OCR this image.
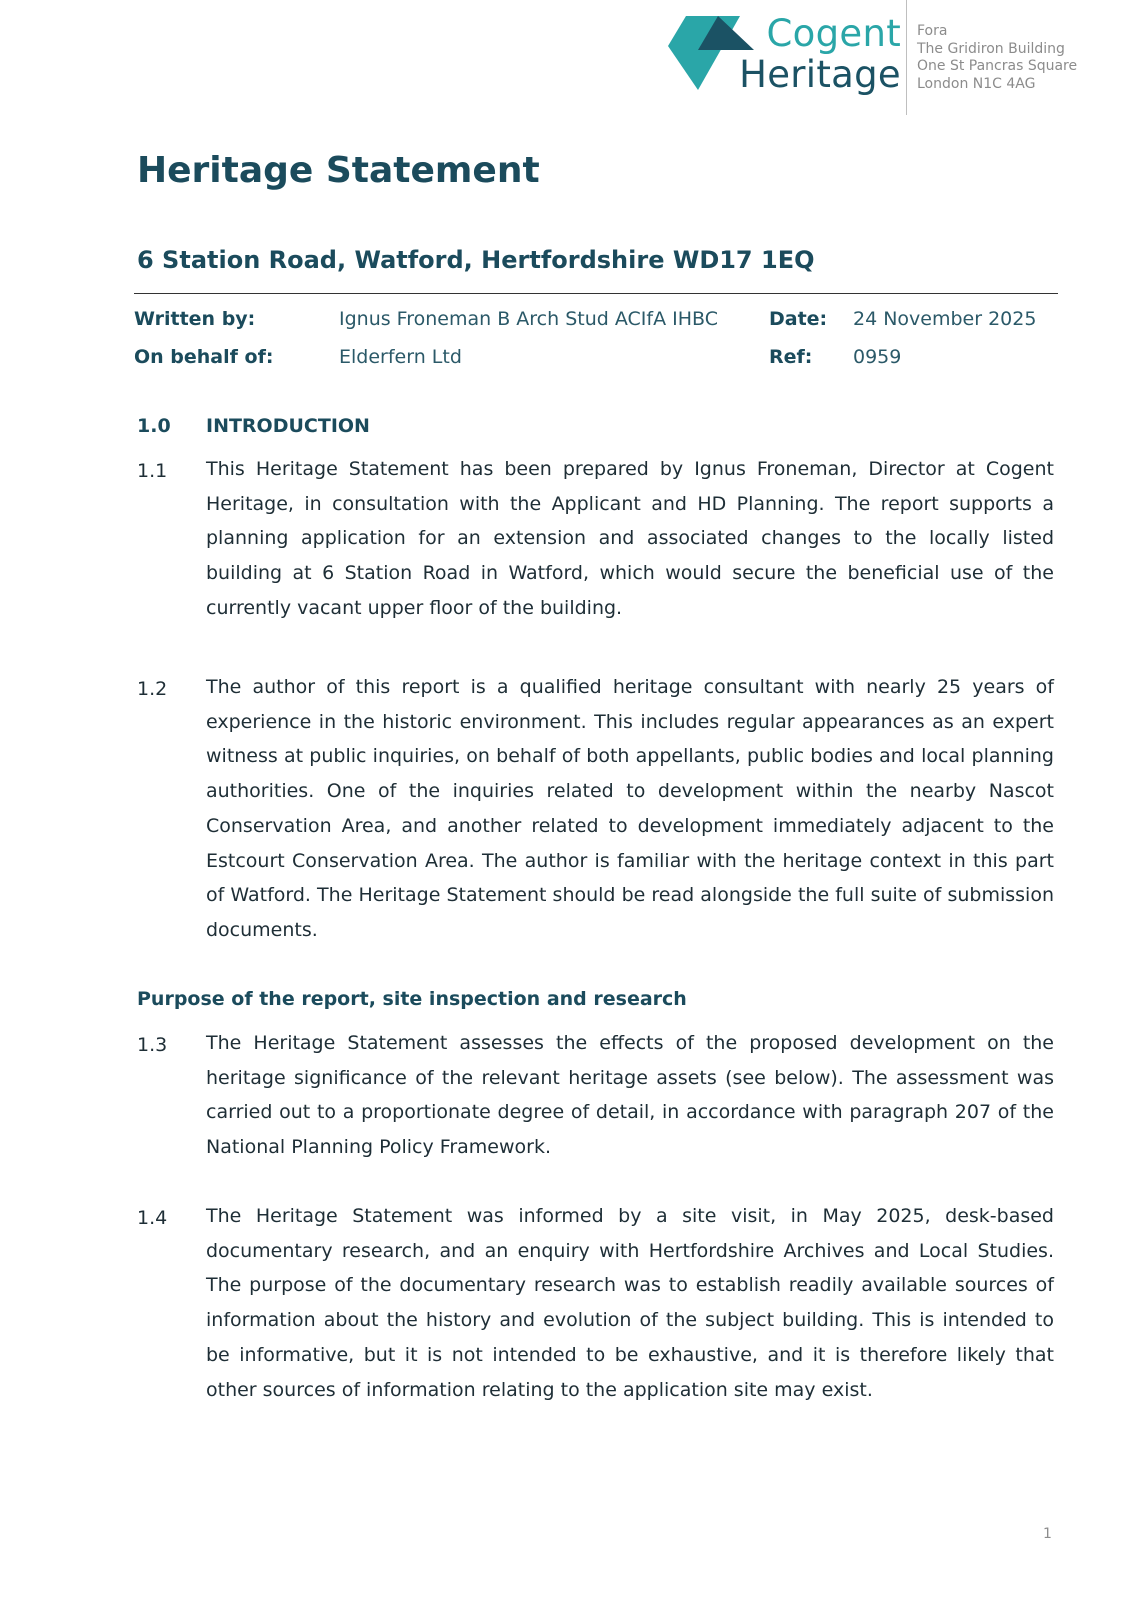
Cogent
Heritage
Fora
The Gridiron Building
One St Pancras Square
London N1C 4AG
Heritage Statement
6 Station Road, Watford, Hertfordshire WD17 1EQ
Written by:	Ignus Froneman B Arch Stud ACIfA IHBC	Date: 24 November 2025
On behalf of:	Elderfern Ltd	Ref: 0959
1.0 INTRODUCTION
1.1 This Heritage Statement has been prepared by Ignus Froneman, Director at Cogent Heritage, in consultation with the Applicant and HD Planning. The report supports a planning application for an extension and associated changes to the locally listed building at 6 Station Road in Watford, which would secure the beneficial use of the currently vacant upper floor of the building.
1.2 The author of this report is a qualified heritage consultant with nearly 25 years of experience in the historic environment. This includes regular appearances as an expert witness at public inquiries, on behalf of both appellants, public bodies and local planning authorities. One of the inquiries related to development within the nearby Nascot Conservation Area, and another related to development immediately adjacent to the Estcourt Conservation Area. The author is familiar with the heritage context in this part of Watford. The Heritage Statement should be read alongside the full suite of submission documents.
Purpose of the report, site inspection and research
1.3 The Heritage Statement assesses the effects of the proposed development on the heritage significance of the relevant heritage assets (see below). The assessment was carried out to a proportionate degree of detail, in accordance with paragraph 207 of the National Planning Policy Framework.
1.4 The Heritage Statement was informed by a site visit, in May 2025, desk-based documentary research, and an enquiry with Hertfordshire Archives and Local Studies. The purpose of the documentary research was to establish readily available sources of information about the history and evolution of the subject building. This is intended to be informative, but it is not intended to be exhaustive, and it is therefore likely that other sources of information relating to the application site may exist.
1
